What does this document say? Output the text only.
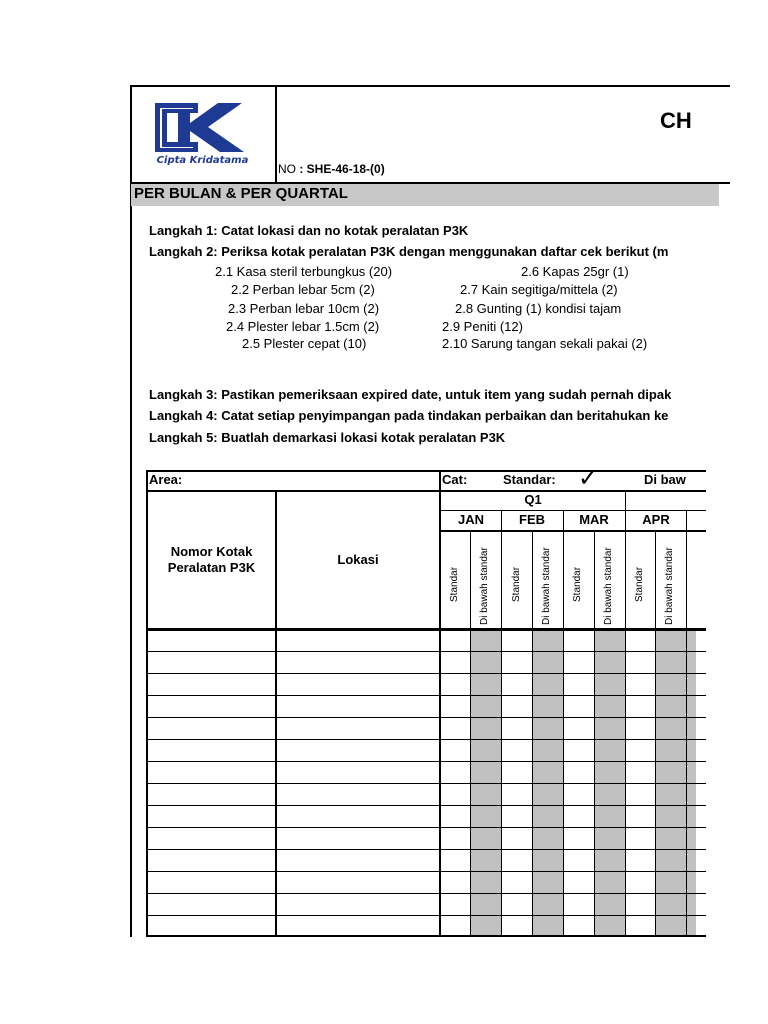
Cipta Kridatama
CH
NO : SHE-46-18-(0)
PER BULAN & PER QUARTAL
Langkah 1: Catat lokasi dan no kotak peralatan P3K
Langkah 2: Periksa kotak peralatan P3K dengan menggunakan daftar cek berikut (m
2.1 Kasa steril terbungkus (20)
2.2 Perban lebar 5cm (2)
2.3 Perban lebar 10cm (2)
2.4 Plester lebar 1.5cm (2)
2.5 Plester cepat (10)
2.6 Kapas 25gr (1)
2.7 Kain segitiga/mittela (2)
2.8 Gunting (1) kondisi tajam
2.9 Peniti (12)
2.10 Sarung tangan sekali pakai (2)
Langkah 3: Pastikan pemeriksaan expired date, untuk item yang sudah pernah dipak
Langkah 4: Catat setiap penyimpangan pada tindakan perbaikan dan beritahukan ke
Langkah 5: Buatlah demarkasi lokasi kotak peralatan P3K
Area:	Cat:	Standar: ✓	Di baw
Q1
JAN	FEB	MAR	APR
Nomor Kotak Peralatan P3K
Lokasi
Standar Di bawah standar Standar Di bawah standar Standar Di bawah standar Standar Di bawah standar
